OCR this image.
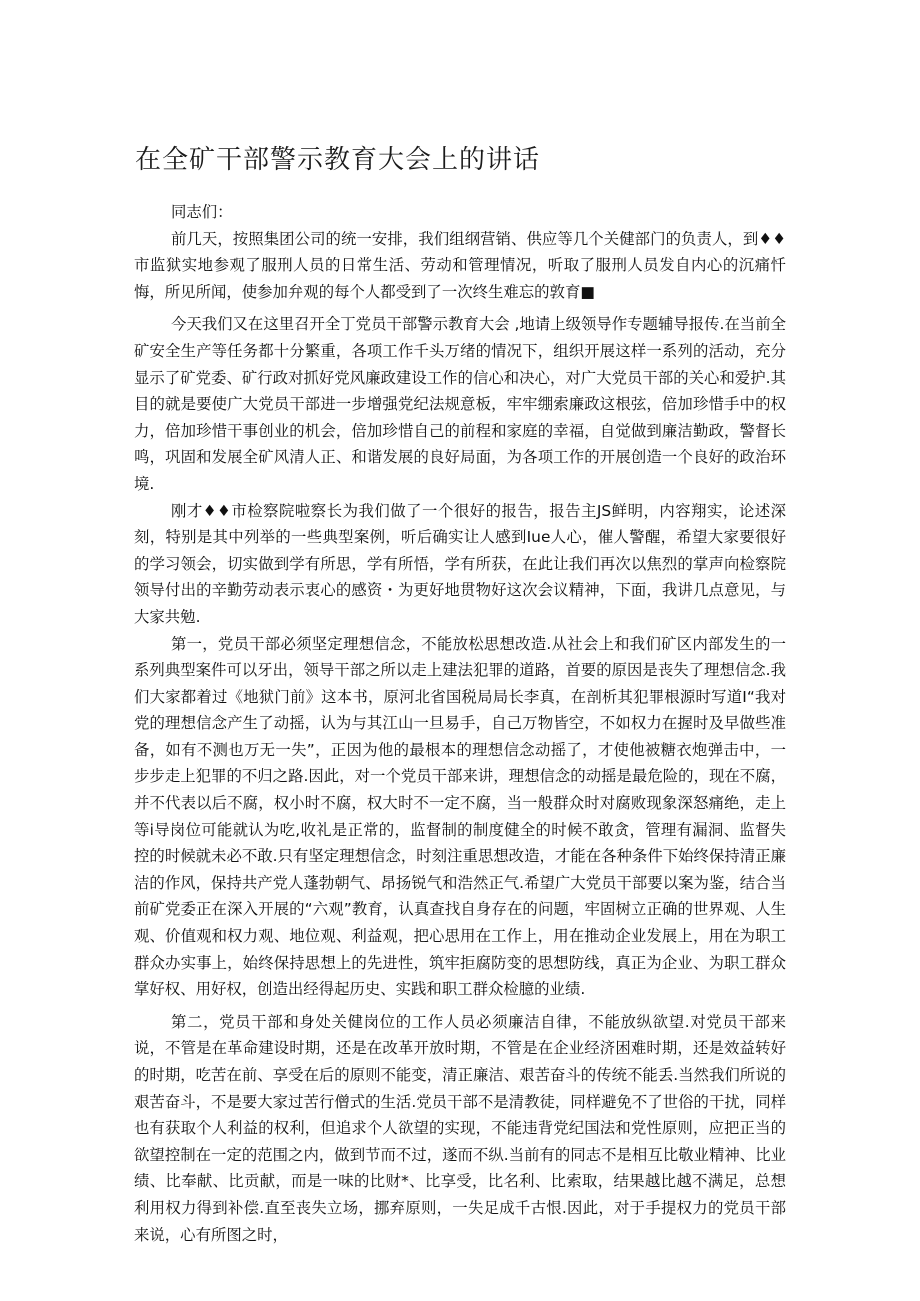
在全矿干部警示教育大会上的讲话

同志们：

前几天，按照集团公司的统一安排，我们组纲营销、供应等几个关健部门的负责人，到♦♦市监狱实地参观了服刑人员的日常生活、劳动和管理情况，听取了服刑人员发自内心的沉痛忏悔，所见所闻，使参加弁观的每个人都受到了一次终生难忘的敦育■

今天我们又在这里召开全丁党员干部警示教育大会 ,地请上级领导作专题辅导报传.在当前全矿安全生产等任务都十分繁重，各项工作千头万绪的情况下，组织开展这样一系列的活动，充分显示了矿党委、矿行政对抓好党风廉政建设工作的信心和决心，对广大党员干部的关心和爱护.其目的就是要使广大党员干部进一步增强党纪法规意板，牢牢绷索廉政这根弦，倍加珍惜手中的权力，倍加珍惜干事创业的机会，倍加珍惜自己的前程和家庭的幸福，自觉做到廉洁勤政，警督长鸣，巩固和发展全矿风清人正、和谐发展的良好局面，为各项工作的开展创造一个良好的政治环境.

刚才♦♦市检察院啦察长为我们做了一个很好的报告，报告主JS鲜明，内容翔实，论述深刻，特别是其中列举的一些典型案例，听后确实让人感到Iue人心，催人警醒，希望大家要很好的学习领会，切实做到学有所思，学有所悟，学有所获，在此让我们再次以焦烈的掌声向检察院领导付出的辛勤劳动表示衷心的感资・为更好地贯物好这次会议精神，下面，我讲几点意见，与大家共勉.

第一，党员干部必须坚定理想信念，不能放松思想改造.从社会上和我们矿区内部发生的一系列典型案件可以牙出，领导干部之所以走上建法犯罪的道路，首要的原因是丧失了理想信念.我们大家都着过《地狱门前》这本书，原河北省国税局局长李真，在剖析其犯罪根源时写道I“我对党的理想信念产生了动摇，认为与其江山一旦易手，自己万物皆空，不如权力在握时及早做些准备，如有不测也万无一失”，正因为他的最根本的理想信念动摇了，才使他被糖衣炮弹击中，一步步走上犯罪的不归之路.因此，对一个党员干部来讲，理想信念的动摇是最危险的，现在不腐，并不代表以后不腐，权小时不腐，权大时不一定不腐，当一般群众时对腐败现象深怒痛绝，走上等i导岗位可能就认为吃,收礼是正常的，监督制的制度健全的时候不敢贪，管理有漏洞、监督失控的时候就未必不敢.只有坚定理想信念，时刻注重思想改造，才能在各种条件下始终保持清正廉洁的作风，保持共产党人蓬勃朝气、昂扬锐气和浩然正气.希望广大党员干部要以案为鉴，结合当前矿党委正在深入开展的“六观”教育，认真查找自身存在的问题，牢固树立正确的世界观、人生观、价值观和权力观、地位观、利益观，把心思用在工作上，用在推动企业发展上，用在为职工群众办实事上，始终保持思想上的先进性，筑牢拒腐防变的思想防线，真正为企业、为职工群众掌好权、用好权，创造出经得起历史、实践和职工群众检臆的业绩.

第二，党员干部和身处关健岗位的工作人员必须廉洁自律，不能放纵欲望.对党员干部来说，不管是在革命建设时期，还是在改革开放时期，不管是在企业经济困难时期，还是效益转好的时期，吃苦在前、享受在后的原则不能变，清正廉洁、艰苦奋斗的传统不能丢.当然我们所说的艰苦奋斗，不是要大家过苦行僧式的生活.党员干部不是清教徒，同样避免不了世俗的干扰，同样也有获取个人利益的权利，但追求个人欲望的实现，不能违背党纪国法和党性原则，应把正当的欲望控制在一定的范围之内，做到节而不过，遂而不纵.当前有的同志不是相互比敬业精神、比业绩、比奉献、比贡献，而是一味的比财*、比享受，比名利、比索取，结果越比越不满足，总想利用权力得到补偿.直至丧失立场，挪弃原则，一失足成千古恨.因此，对于手提权力的党员干部来说，心有所图之时，
